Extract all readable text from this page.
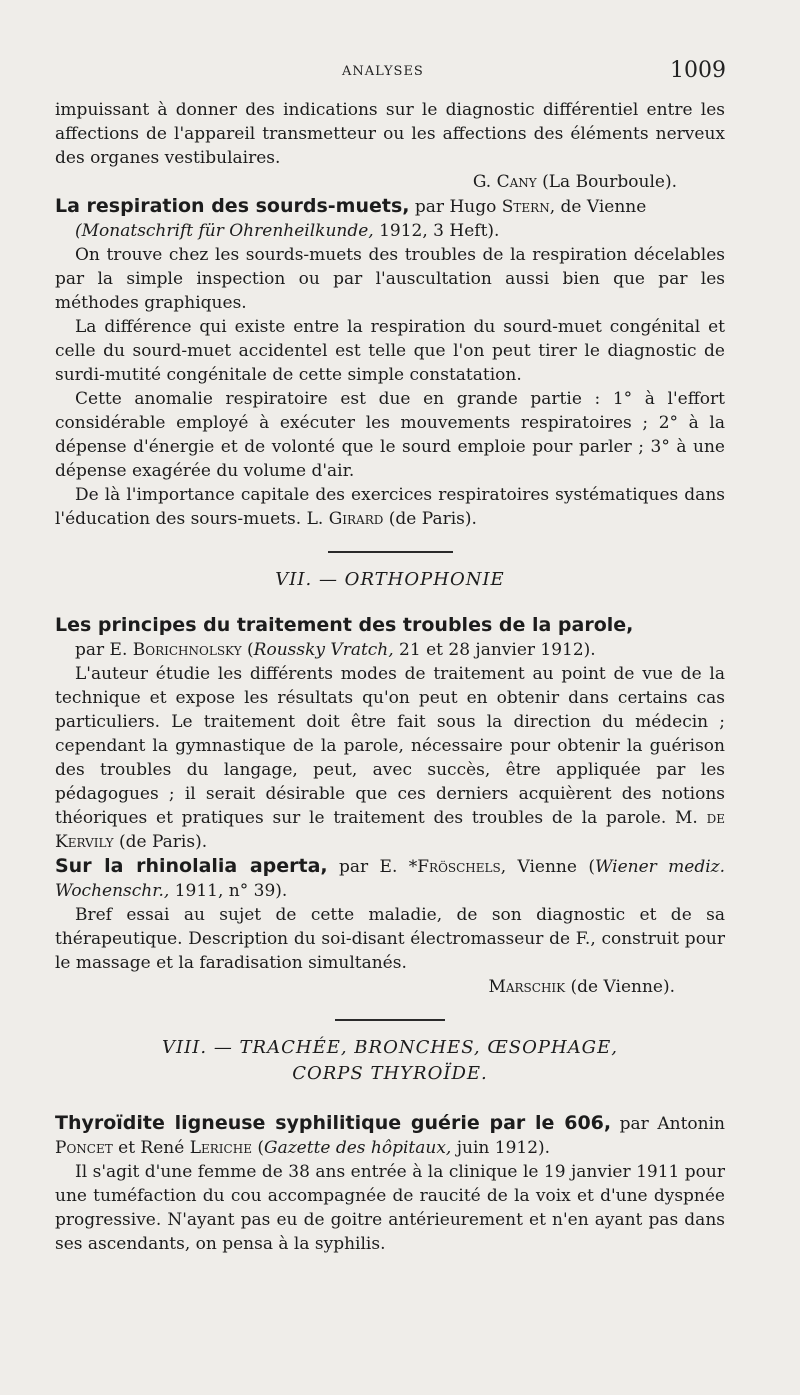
ANALYSES	1009

impuissant à donner des indications sur le diagnostic différentiel entre les affections de l'appareil transmetteur ou les affections des éléments nerveux des organes vestibulaires.

G. Cany (La Bourboule).

La respiration des sourds-muets, par Hugo Stern, de Vienne

(Monatschrift für Ohrenheilkunde, 1912, 3 Heft).

On trouve chez les sourds-muets des troubles de la respiration décelables par la simple inspection ou par l'auscultation aussi bien que par les méthodes graphiques.

La différence qui existe entre la respiration du sourd-muet congénital et celle du sourd-muet accidentel est telle que l'on peut tirer le diagnostic de surdi-mutité congénitale de cette simple constatation.

Cette anomalie respiratoire est due en grande partie : 1° à l'effort considérable employé à exécuter les mouvements respiratoires ; 2° à la dépense d'énergie et de volonté que le sourd emploie pour parler ; 3° à une dépense exagérée du volume d'air.

De là l'importance capitale des exercices respiratoires systématiques dans l'éducation des sours-muets. L. Girard (de Paris).

VII. — ORTHOPHONIE

Les principes du traitement des troubles de la parole,

par E. Borichnolsky (Roussky Vratch, 21 et 28 janvier 1912).

L'auteur étudie les différents modes de traitement au point de vue de la technique et expose les résultats qu'on peut en obtenir dans certains cas particuliers. Le traitement doit être fait sous la direction du médecin ; cependant la gymnastique de la parole, nécessaire pour obtenir la guérison des troubles du langage, peut, avec succès, être appliquée par les pédagogues ; il serait désirable que ces derniers acquièrent des notions théoriques et pratiques sur le traitement des troubles de la parole. M. de Kervily (de Paris).

Sur la rhinolalia aperta, par E. *Fröschels, Vienne (Wiener mediz. Wochenschr., 1911, n° 39).

Bref essai au sujet de cette maladie, de son diagnostic et de sa thérapeutique. Description du soi-disant électromasseur de F., construit pour le massage et la faradisation simultanés.

Marschik (de Vienne).

VIII. — TRACHÉE, BRONCHES, ŒSOPHAGE,
CORPS THYROÏDE.

Thyroïdite ligneuse syphilitique guérie par le 606, par Antonin Poncet et René Leriche (Gazette des hôpitaux, juin 1912).

Il s'agit d'une femme de 38 ans entrée à la clinique le 19 janvier 1911 pour une tuméfaction du cou accompagnée de raucité de la voix et d'une dyspnée progressive. N'ayant pas eu de goitre antérieurement et n'en ayant pas dans ses ascendants, on pensa à la syphilis.
